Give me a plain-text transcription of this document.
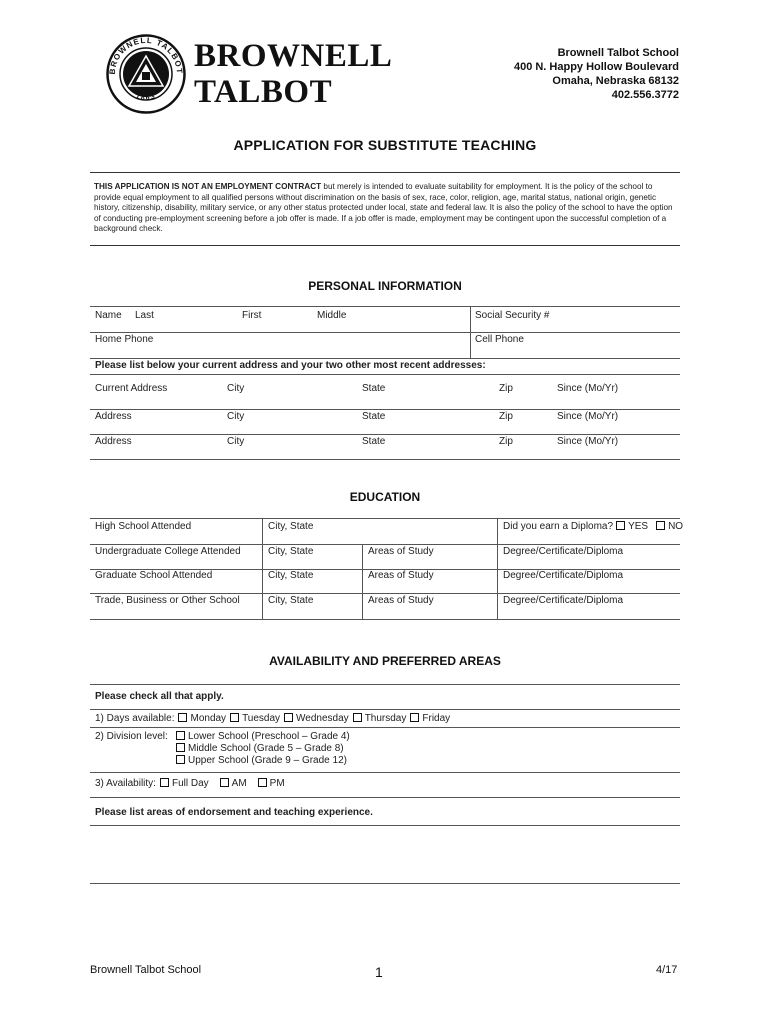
BROWNELL TALBOT
1863
BROWNELL
TALBOT
Brownell Talbot School
400 N. Happy Hollow Boulevard
Omaha, Nebraska 68132
402.556.3772
APPLICATION FOR SUBSTITUTE TEACHING
THIS APPLICATION IS NOT AN EMPLOYMENT CONTRACT but merely is intended to evaluate suitability for employment. It is the policy of the school to provide equal employment to all qualified persons without discrimination on the basis of sex, race, color, religion, age, marital status, national origin, genetic history, citizenship, disability, military service, or any other status protected under local, state and federal law. It is also the policy of the school to have the option of conducting pre-employment screening before a job offer is made. If a job offer is made, employment may be contingent upon the successful completion of a background check.
PERSONAL INFORMATION
Name Last	First	Middle	Social Security #
Home Phone	Cell Phone
Please list below your current address and your two other most recent addresses:
Current Address	City	State	Zip	Since (Mo/Yr)
Address	City	State	Zip	Since (Mo/Yr)
Address	City	State	Zip	Since (Mo/Yr)
EDUCATION
High School Attended	City, State	Did you earn a Diploma? YES NO
Undergraduate College Attended	City, State	Areas of Study	Degree/Certificate/Diploma
Graduate School Attended	City, State	Areas of Study	Degree/Certificate/Diploma
Trade, Business or Other School	City, State	Areas of Study	Degree/Certificate/Diploma
AVAILABILITY AND PREFERRED AREAS
Please check all that apply.
1) Days available: Monday Tuesday Wednesday Thursday Friday
2) Division level:	Lower School (Preschool – Grade 4)
Middle School (Grade 5 – Grade 8)
Upper School (Grade 9 – Grade 12)
3) Availability: Full Day AM PM
Please list areas of endorsement and teaching experience.
Brownell Talbot School	1	4/17
